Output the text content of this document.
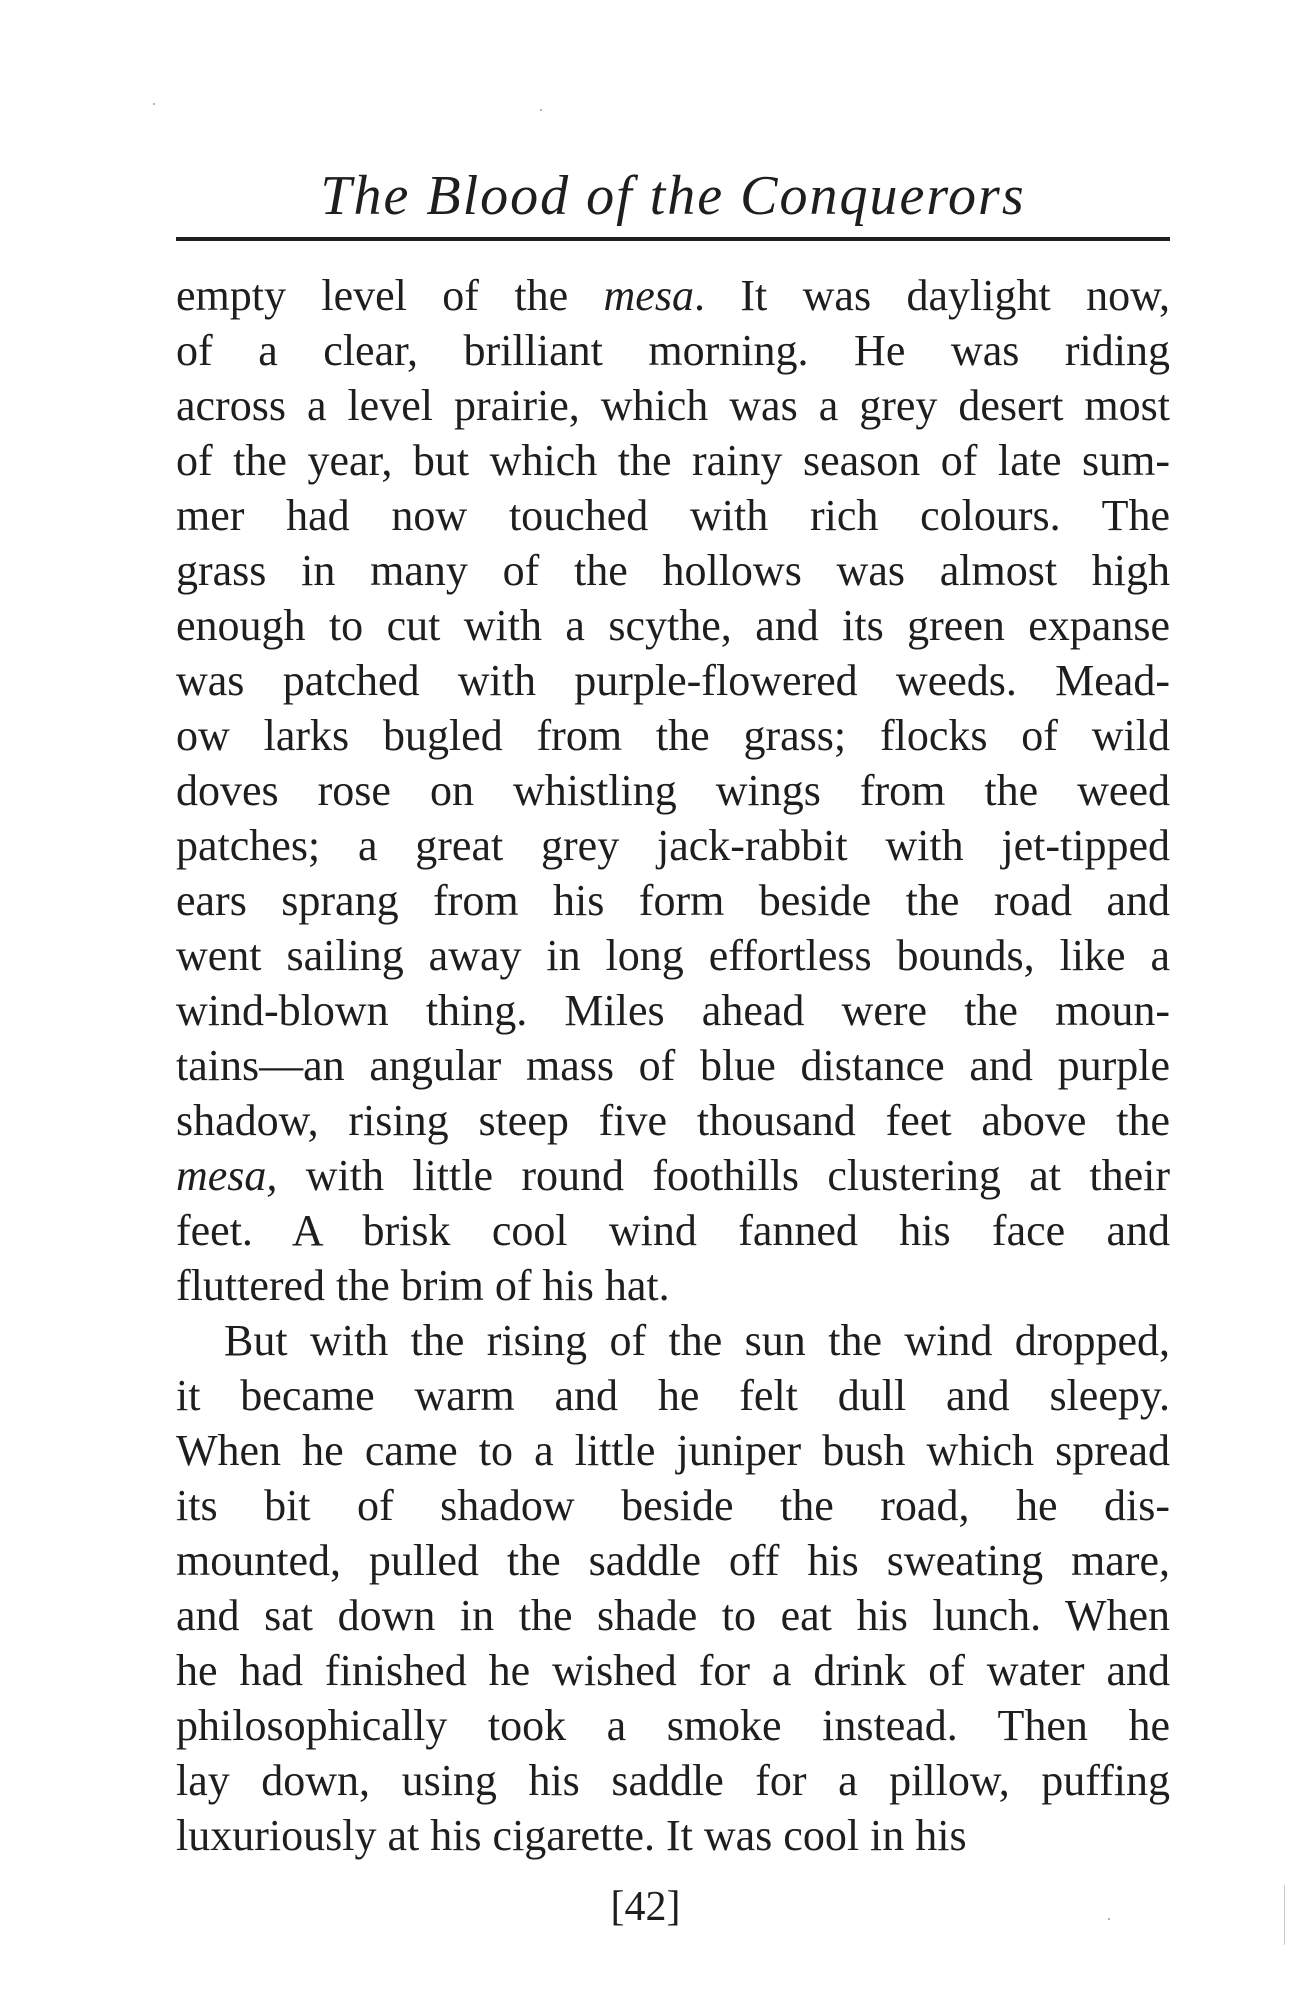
The Blood of the Conquerors
empty level of the mesa. It was daylight now,
of a clear, brilliant morning. He was riding
across a level prairie, which was a grey desert most
of the year, but which the rainy season of late sum-
mer had now touched with rich colours. The
grass in many of the hollows was almost high
enough to cut with a scythe, and its green expanse
was patched with purple-flowered weeds. Mead-
ow larks bugled from the grass; flocks of wild
doves rose on whistling wings from the weed
patches; a great grey jack-rabbit with jet-tipped
ears sprang from his form beside the road and
went sailing away in long effortless bounds, like a
wind-blown thing. Miles ahead were the moun-
tains—an angular mass of blue distance and purple
shadow, rising steep five thousand feet above the
mesa, with little round foothills clustering at their
feet. A brisk cool wind fanned his face and
fluttered the brim of his hat.
But with the rising of the sun the wind dropped,
it became warm and he felt dull and sleepy.
When he came to a little juniper bush which spread
its bit of shadow beside the road, he dis-
mounted, pulled the saddle off his sweating mare,
and sat down in the shade to eat his lunch. When
he had finished he wished for a drink of water and
philosophically took a smoke instead. Then he
lay down, using his saddle for a pillow, puffing
luxuriously at his cigarette. It was cool in his
[42]
